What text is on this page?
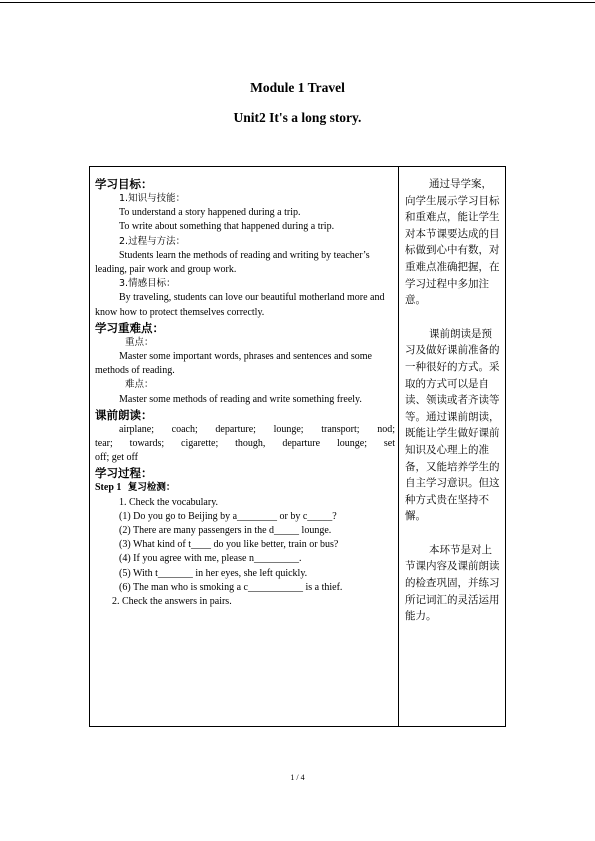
Module 1 Travel
Unit2 It's a long story.
学习目标：
1.知识与技能：
To understand a story happened during a trip.
To write about something that happened during a trip.
2.过程与方法：
Students learn the methods of reading and writing by teacher’s leading, pair work and group work.
3.情感目标：
By traveling, students can love our beautiful motherland more and know how to protect themselves correctly.
学习重难点：
重点：
Master some important words, phrases and sentences and some methods of reading.
难点：
Master some methods of reading and write something freely.
课前朗读：
airplane; coach; departure; lounge; transport; nod;
tear; towards; cigarette; though, departure lounge; set
off; get off
学习过程：
Step 1 复习检测：
1. Check the vocabulary.
(1) Do you go to Beijing by a________ or by c_____?
(2) There are many passengers in the d_____ lounge.
(3) What kind of t____ do you like better, train or bus?
(4) If you agree with me, please n_________.
(5) With t_______ in her eyes, she left quickly.
(6) The man who is smoking a c___________ is a thief.
2. Check the answers in pairs.

通过导学案，向学生展示学习目标和重难点，能让学生对本节课要达成的目标做到心中有数，对重难点准确把握，在学习过程中多加注意。

课前朗读是预习及做好课前准备的一种很好的方式。采取的方式可以是自读、领读或者齐读等等。通过课前朗读，既能让学生做好课前知识及心理上的准备，又能培养学生的自主学习意识。但这种方式贵在坚持不懈。

本环节是对上节课内容及课前朗读的检查巩固，并练习所记词汇的灵活运用能力。

1 / 4
